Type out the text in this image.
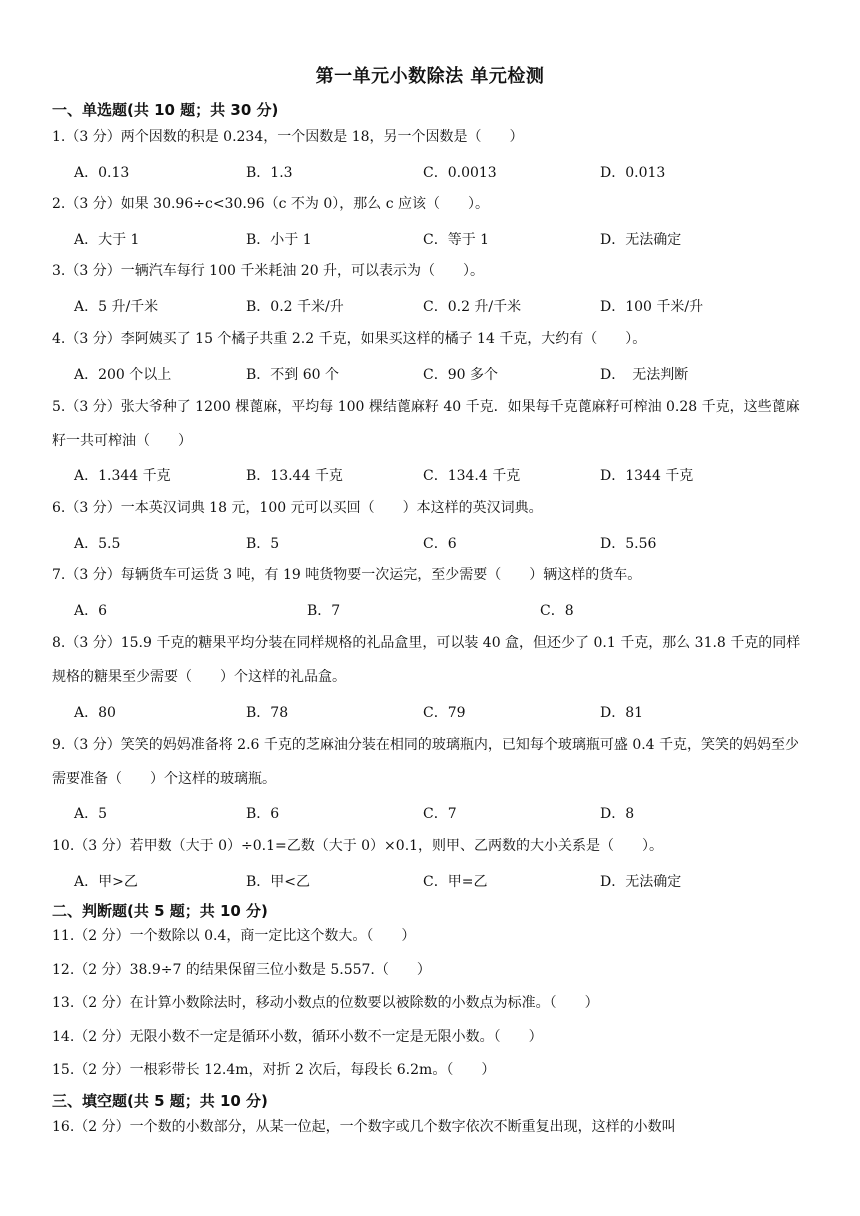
第一单元小数除法 单元检测
一、单选题(共 10 题；共 30 分)
1.（3 分）两个因数的积是 0.234，一个因数是 18，另一个因数是（　　）
A．0.13	B．1.3	C．0.0013	D．0.013
2.（3 分）如果 30.96÷c<30.96（c 不为 0），那么 c 应该（　　）。
A．大于 1	B．小于 1	C．等于 1	D．无法确定
3.（3 分）一辆汽车每行 100 千米耗油 20 升，可以表示为（　　）。
A．5 升/千米	B．0.2 千米/升	C．0.2 升/千米	D．100 千米/升
4.（3 分）李阿姨买了 15 个橘子共重 2.2 千克，如果买这样的橘子 14 千克，大约有（　　）。
A．200 个以上	B．不到 60 个	C．90 多个	D．　无法判断
5.（3 分）张大爷种了 1200 棵蓖麻，平均每 100 棵结蓖麻籽 40 千克．如果每千克蓖麻籽可榨油 0.28 千克，这些蓖麻籽一共可榨油（　　）
A．1.344 千克	B．13.44 千克	C．134.4 千克	D．1344 千克
6.（3 分）一本英汉词典 18 元，100 元可以买回（　　）本这样的英汉词典。
A．5.5	B．5	C．6	D．5.56
7.（3 分）每辆货车可运货 3 吨，有 19 吨货物要一次运完，至少需要（　　）辆这样的货车。
A．6	B．7	C．8
8.（3 分）15.9 千克的糖果平均分装在同样规格的礼品盒里，可以装 40 盒，但还少了 0.1 千克，那么 31.8 千克的同样规格的糖果至少需要（　　）个这样的礼品盒。
A．80	B．78	C．79	D．81
9.（3 分）笑笑的妈妈准备将 2.6 千克的芝麻油分装在相同的玻璃瓶内，已知每个玻璃瓶可盛 0.4 千克，笑笑的妈妈至少需要准备（　　）个这样的玻璃瓶。
A．5	B．6	C．7	D．8
10.（3 分）若甲数（大于 0）÷0.1=乙数（大于 0）×0.1，则甲、乙两数的大小关系是（　　）。
A．甲>乙	B．甲<乙	C．甲=乙	D．无法确定
二、判断题(共 5 题；共 10 分)
11.（2 分）一个数除以 0.4，商一定比这个数大。（　　）
12.（2 分）38.9÷7 的结果保留三位小数是 5.557.（　　）
13.（2 分）在计算小数除法时，移动小数点的位数要以被除数的小数点为标准。（　　）
14.（2 分）无限小数不一定是循环小数，循环小数不一定是无限小数。（　　）
15.（2 分）一根彩带长 12.4m，对折 2 次后，每段长 6.2m。（　　）
三、填空题(共 5 题；共 10 分)
16.（2 分）一个数的小数部分，从某一位起，一个数字或几个数字依次不断重复出现，这样的小数叫
